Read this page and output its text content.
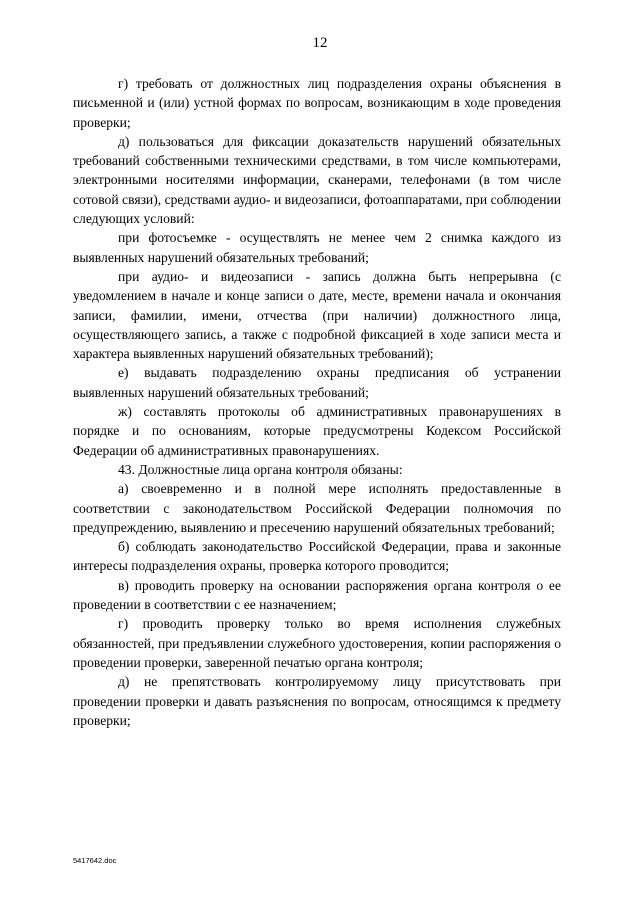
12

г) требовать от должностных лиц подразделения охраны объяснения в письменной и (или) устной формах по вопросам, возникающим в ходе проведения проверки;

д) пользоваться для фиксации доказательств нарушений обязательных требований собственными техническими средствами, в том числе компьютерами, электронными носителями информации, сканерами, телефонами (в том числе сотовой связи), средствами аудио- и видеозаписи, фотоаппаратами, при соблюдении следующих условий:

при фотосъемке - осуществлять не менее чем 2 снимка каждого из выявленных нарушений обязательных требований;

при аудио- и видеозаписи - запись должна быть непрерывна (с уведомлением в начале и конце записи о дате, месте, времени начала и окончания записи, фамилии, имени, отчества (при наличии) должностного лица, осуществляющего запись, а также с подробной фиксацией в ходе записи места и характера выявленных нарушений обязательных требований);

е) выдавать подразделению охраны предписания об устранении выявленных нарушений обязательных требований;

ж) составлять протоколы об административных правонарушениях в порядке и по основаниям, которые предусмотрены Кодексом Российской Федерации об административных правонарушениях.

43. Должностные лица органа контроля обязаны:

а) своевременно и в полной мере исполнять предоставленные в соответствии с законодательством Российской Федерации полномочия по предупреждению, выявлению и пресечению нарушений обязательных требований;

б) соблюдать законодательство Российской Федерации, права и законные интересы подразделения охраны, проверка которого проводится;

в) проводить проверку на основании распоряжения органа контроля о ее проведении в соответствии с ее назначением;

г) проводить проверку только во время исполнения служебных обязанностей, при предъявлении служебного удостоверения, копии распоряжения о проведении проверки, заверенной печатью органа контроля;

д) не препятствовать контролируемому лицу присутствовать при проведении проверки и давать разъяснения по вопросам, относящимся к предмету проверки;

5417642.doc
